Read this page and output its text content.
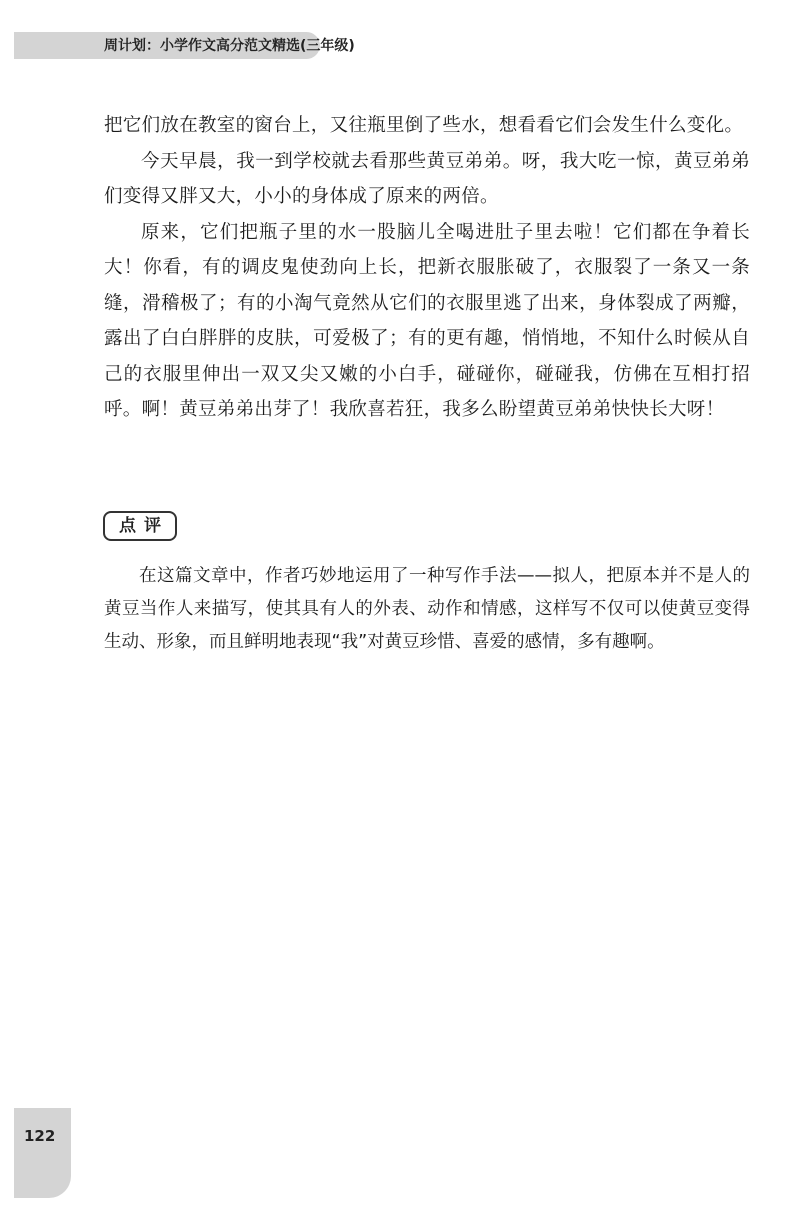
周计划：小学作文高分范文精选(三年级)

把它们放在教室的窗台上，又往瓶里倒了些水，想看看它们会发生什么变化。

今天早晨，我一到学校就去看那些黄豆弟弟。呀，我大吃一惊，黄豆弟弟们变得又胖又大，小小的身体成了原来的两倍。

原来，它们把瓶子里的水一股脑儿全喝进肚子里去啦！它们都在争着长大！你看，有的调皮鬼使劲向上长，把新衣服胀破了，衣服裂了一条又一条缝，滑稽极了；有的小淘气竟然从它们的衣服里逃了出来，身体裂成了两瓣，露出了白白胖胖的皮肤，可爱极了；有的更有趣，悄悄地，不知什么时候从自己的衣服里伸出一双又尖又嫩的小白手，碰碰你，碰碰我，仿佛在互相打招呼。啊！黄豆弟弟出芽了！我欣喜若狂，我多么盼望黄豆弟弟快快长大呀！

点评

在这篇文章中，作者巧妙地运用了一种写作手法——拟人，把原本并不是人的黄豆当作人来描写，使其具有人的外表、动作和情感，这样写不仅可以使黄豆变得生动、形象，而且鲜明地表现“我”对黄豆珍惜、喜爱的感情，多有趣啊。

122
